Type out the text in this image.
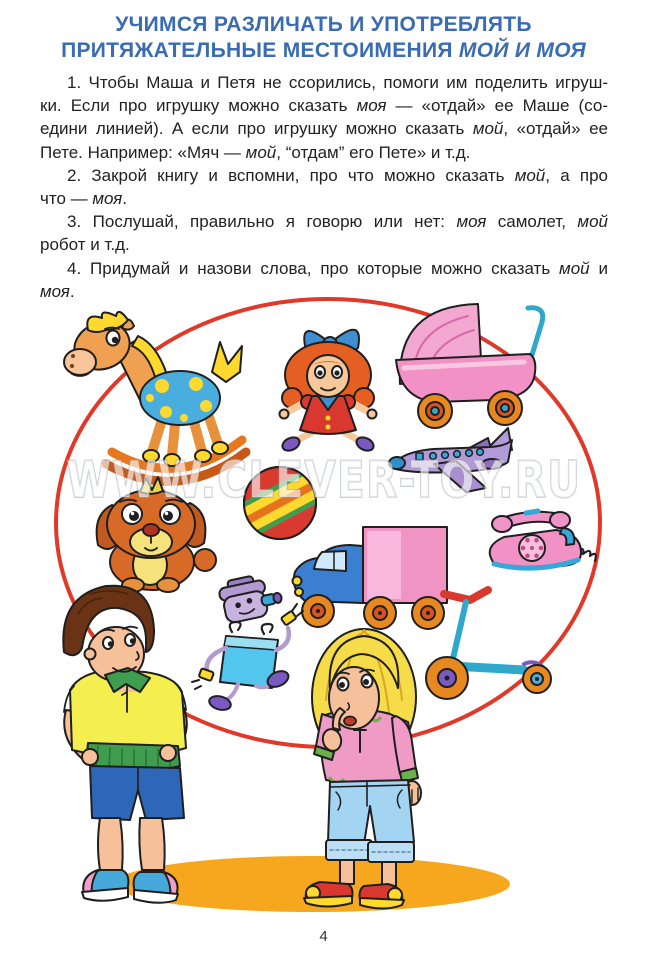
WWW.CLEVER-TOY.RU
УЧИМСЯ РАЗЛИЧАТЬ И УПОТРЕБЛЯТЬ
ПРИТЯЖАТЕЛЬНЫЕ МЕСТОИМЕНИЯ МОЙ И МОЯ
1. Чтобы Маша и Петя не ссорились, помоги им поделить игруш-
ки. Если про игрушку можно сказать моя — «отдай» ее Маше (со-
едини линией). А если про игрушку можно сказать мой, «отдай» ее
Пете. Например: «Мяч — мой, “отдам” его Пете» и т.д.
2. Закрой книгу и вспомни, про что можно сказать мой, а про
что — моя.
3. Послушай, правильно я говорю или нет: моя самолет, мой
робот и т.д.
4. Придумай и назови слова, про которые можно сказать мой и
моя.
4
